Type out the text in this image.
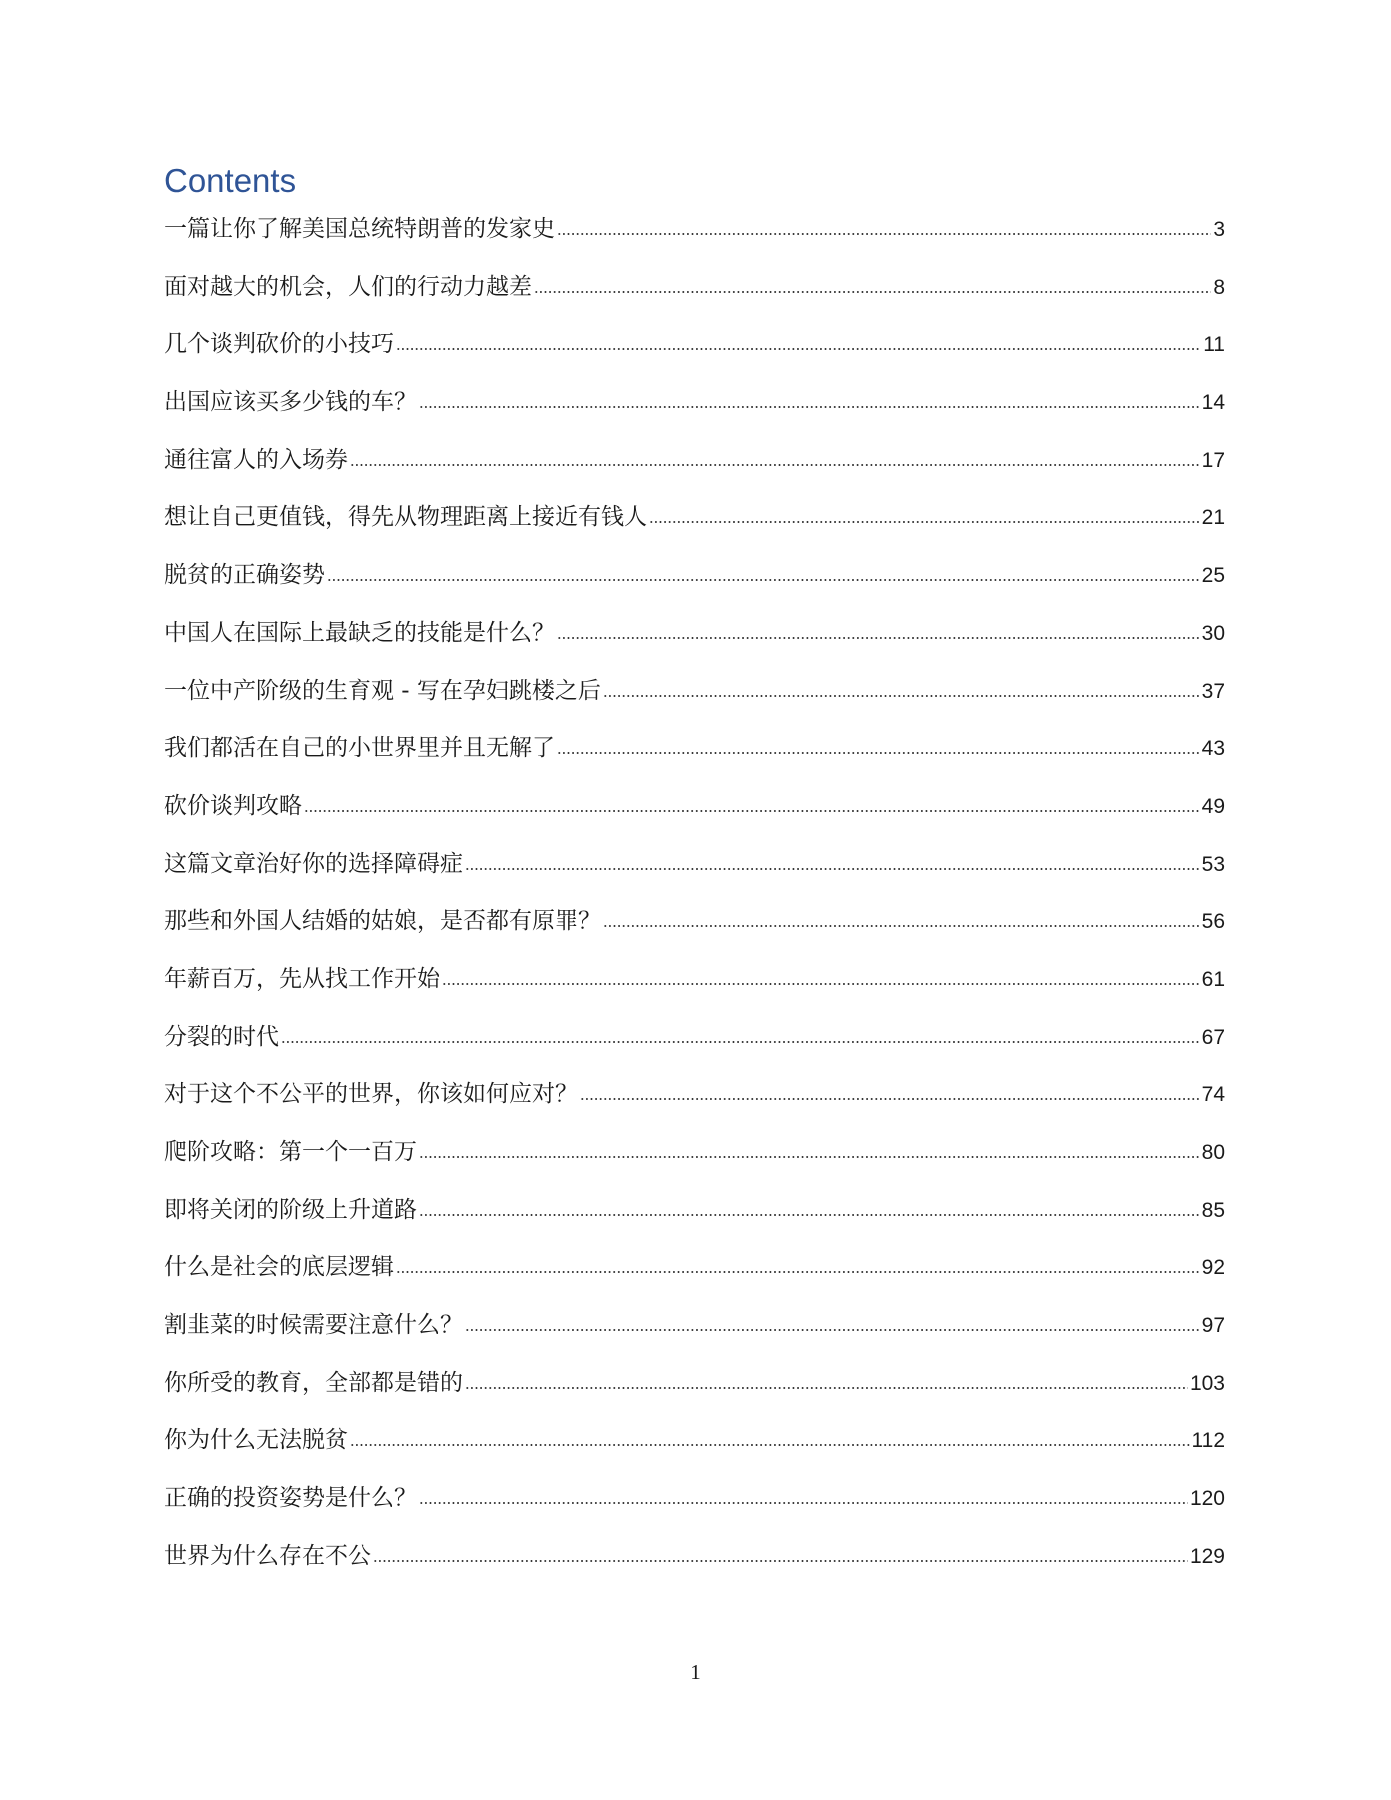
Contents
一篇让你了解美国总统特朗普的发家史	3
面对越大的机会，人们的行动力越差	8
几个谈判砍价的小技巧	11
出国应该买多少钱的车？	14
通往富人的入场券	17
想让自己更值钱，得先从物理距离上接近有钱人	21
脱贫的正确姿势	25
中国人在国际上最缺乏的技能是什么？	30
一位中产阶级的生育观 - 写在孕妇跳楼之后	37
我们都活在自己的小世界里并且无解了	43
砍价谈判攻略	49
这篇文章治好你的选择障碍症	53
那些和外国人结婚的姑娘，是否都有原罪？	56
年薪百万，先从找工作开始	61
分裂的时代	67
对于这个不公平的世界，你该如何应对？	74
爬阶攻略：第一个一百万	80
即将关闭的阶级上升道路	85
什么是社会的底层逻辑	92
割韭菜的时候需要注意什么？	97
你所受的教育，全部都是错的	103
你为什么无法脱贫	112
正确的投资姿势是什么？	120
世界为什么存在不公	129
1
